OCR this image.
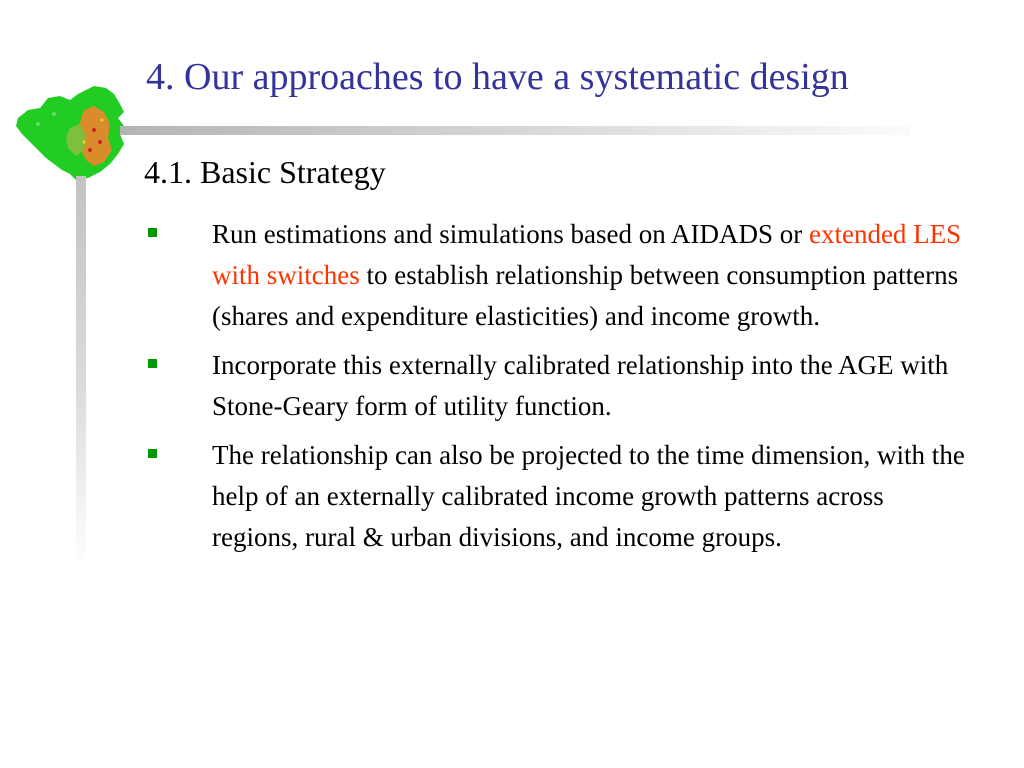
4. Our approaches to have a systematic design
4.1. Basic Strategy
Run estimations and simulations based on AIDADS or extended LES with switches to establish relationship between consumption patterns (shares and expenditure elasticities) and income growth.
Incorporate this externally calibrated relationship into the AGE with Stone-Geary form of utility function.
The relationship can also be projected to the time dimension, with the help of an externally calibrated income growth patterns across regions, rural & urban divisions, and income groups.
